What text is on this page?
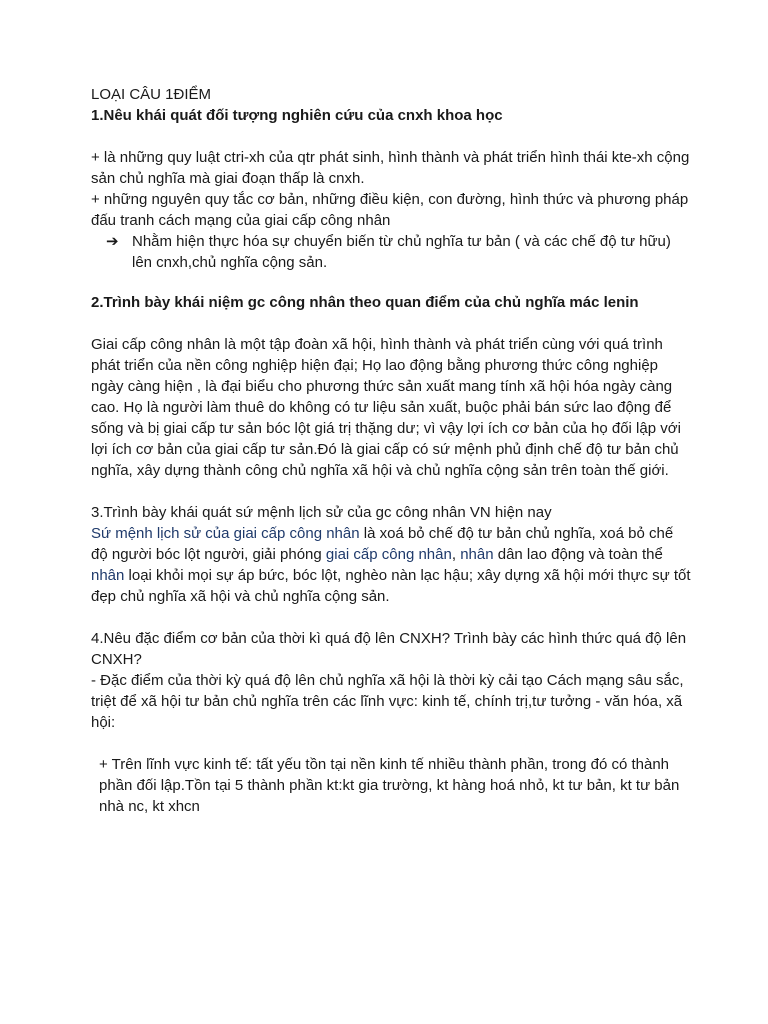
LOẠI CÂU 1ĐIỂM

1.Nêu khái quát đối tượng nghiên cứu của cnxh khoa học

+ là những quy luật ctri-xh của qtr phát sinh, hình thành và phát triển hình thái kte-xh cộng sản chủ nghĩa mà giai đoạn thấp là cnxh.

+ những nguyên quy tắc cơ bản, những điều kiện, con đường, hình thức và phương pháp đấu tranh cách mạng của giai cấp công nhân

➔ Nhằm hiện thực hóa sự chuyển biến từ chủ nghĩa tư bản ( và các chế độ tư hữu) lên cnxh,chủ nghĩa cộng sản.

2.Trình bày khái niệm gc công nhân theo quan điểm của chủ nghĩa mác lenin

Giai cấp công nhân là một tập đoàn xã hội, hình thành và phát triển cùng với quá trình phát triển của nền công nghiệp hiện đại; Họ lao động bằng phương thức công nghiệp ngày càng hiện , là đại biểu cho phương thức sản xuất mang tính xã hội hóa ngày càng cao. Họ là người làm thuê do không có tư liệu sản xuất, buộc phải bán sức lao động để sống và bị giai cấp tư sản bóc lột giá trị thặng dư; vì vậy lợi ích cơ bản của họ đối lập với lợi ích cơ bản của giai cấp tư sản.Đó là giai cấp có sứ mệnh phủ định chế độ tư bản chủ nghĩa, xây dựng thành công chủ nghĩa xã hội và chủ nghĩa cộng sản trên toàn thế giới.

3.Trình bày khái quát sứ mệnh lịch sử của gc công nhân VN hiện nay

Sứ mệnh lịch sử của giai cấp công nhân là xoá bỏ chế độ tư bản chủ nghĩa, xoá bỏ chế độ người bóc lột người, giải phóng giai cấp công nhân, nhân dân lao động và toàn thể nhân loại khỏi mọi sự áp bức, bóc lột, nghèo nàn lạc hậu; xây dựng xã hội mới thực sự tốt đẹp chủ nghĩa xã hội và chủ nghĩa cộng sản.

4.Nêu đặc điểm cơ bản của thời kì quá độ lên CNXH? Trình bày các hình thức quá độ lên CNXH?

- Đặc điểm của thời kỳ quá độ lên chủ nghĩa xã hội là thời kỳ cải tạo Cách mạng sâu sắc, triệt để xã hội tư bản chủ nghĩa trên các lĩnh vực: kinh tế, chính trị,tư tưởng - văn hóa, xã hội:

+ Trên lĩnh vực kinh tế: tất yếu tồn tại nền kinh tế nhiều thành phần, trong đó có thành phần đối lập.Tồn tại 5 thành phần kt:kt gia trường, kt hàng hoá nhỏ, kt tư bản, kt tư bản nhà nc, kt xhcn
